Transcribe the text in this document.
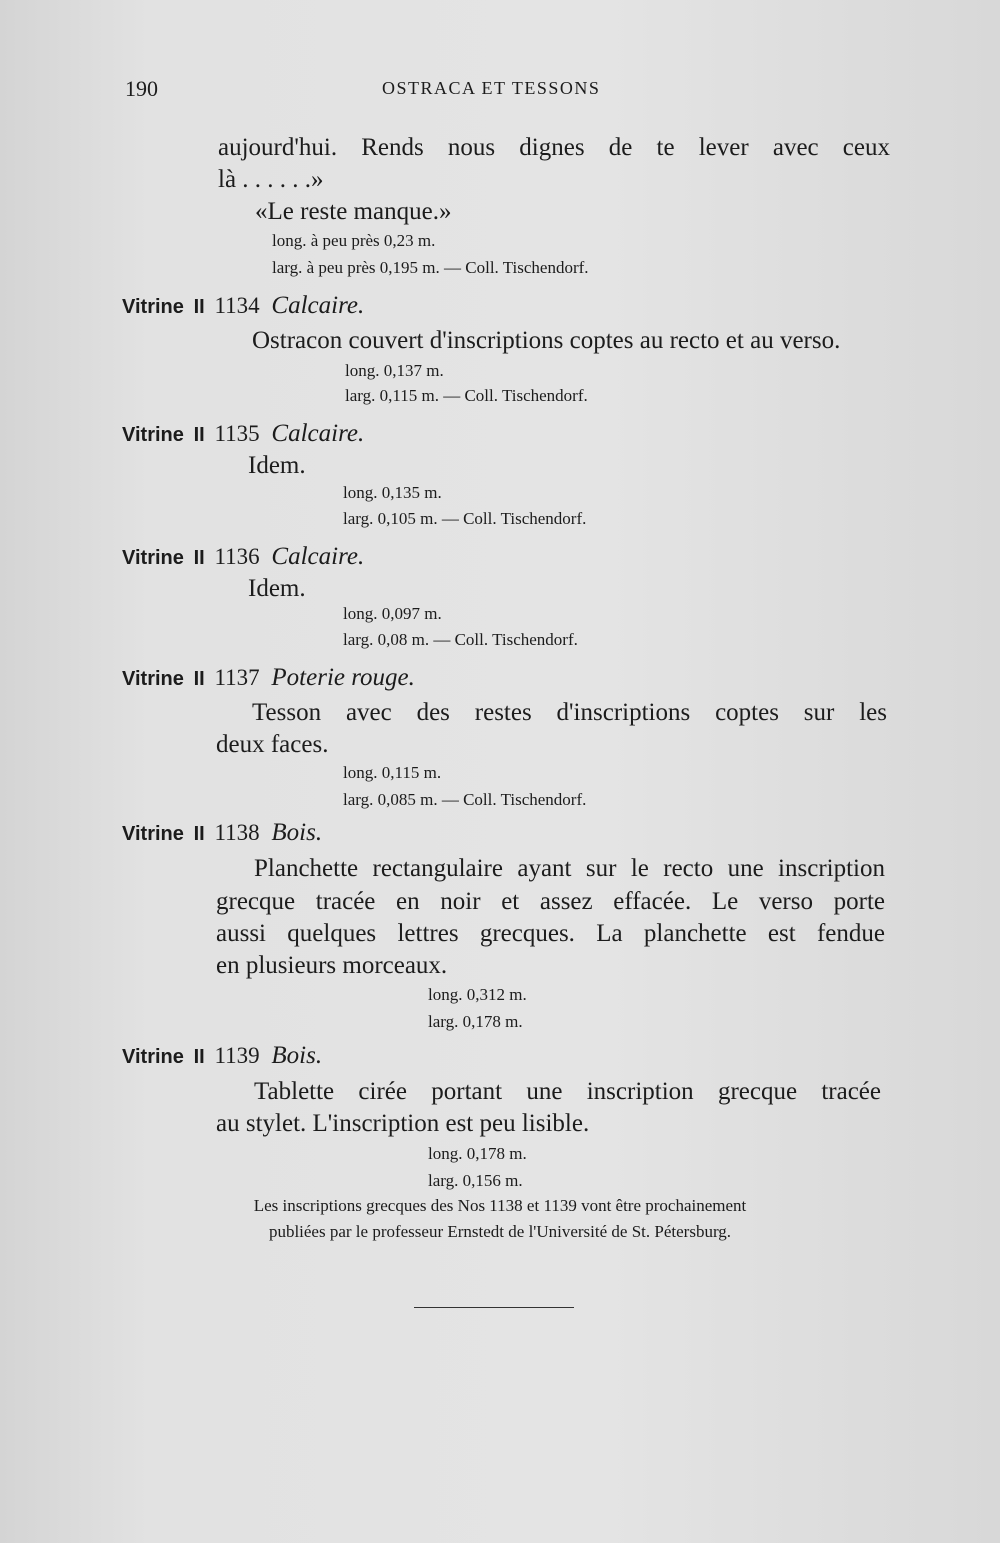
190	OSTRACA ET TESSONS
aujourd'hui. Rends nous dignes de te lever avec ceux
là . . . . . .»
«Le reste manque.»
long. à peu près 0,23 m.
larg. à peu près 0,195 m. — Coll. Tischendorf.
Vitrine II 1134 Calcaire.
Ostracon couvert d'inscriptions coptes au recto et au verso.
long. 0,137 m.
larg. 0,115 m. — Coll. Tischendorf.
Vitrine II 1135 Calcaire.
Idem.
long. 0,135 m.
larg. 0,105 m. — Coll. Tischendorf.
Vitrine II 1136 Calcaire.
Idem.
long. 0,097 m.
larg. 0,08 m. — Coll. Tischendorf.
Vitrine II 1137 Poterie rouge.
Tesson avec des restes d'inscriptions coptes sur les
deux faces.
long. 0,115 m.
larg. 0,085 m. — Coll. Tischendorf.
Vitrine II 1138 Bois.
Planchette rectangulaire ayant sur le recto une inscription
grecque tracée en noir et assez effacée. Le verso porte
aussi quelques lettres grecques. La planchette est fendue
en plusieurs morceaux.
long. 0,312 m.
larg. 0,178 m.
Vitrine II 1139 Bois.
Tablette cirée portant une inscription grecque tracée
au stylet. L'inscription est peu lisible.
long. 0,178 m.
larg. 0,156 m.
Les inscriptions grecques des Nos 1138 et 1139 vont être prochainement
publiées par le professeur Ernstedt de l'Université de St. Pétersburg.
